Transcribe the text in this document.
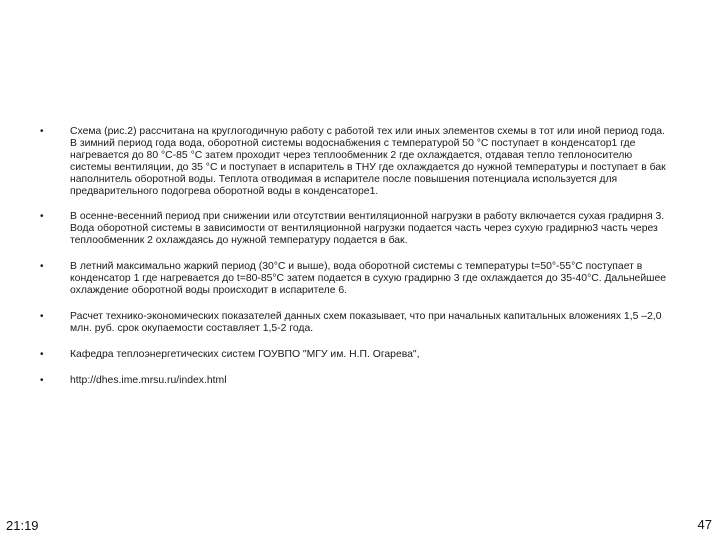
•	Схема (рис.2) рассчитана на круглогодичную работу с работой тех или иных элементов схемы в тот или иной период года. В зимний период года вода, оборотной системы водоснабжения с температурой 50 °С поступает в конденсатор1 где нагревается до 80 °С-85 °С затем проходит через теплообменник 2 где охлаждается, отдавая тепло теплоносителю системы вентиляции, до 35 °С и поступает в испаритель в ТНУ где охлаждается до нужной температуры и поступает в бак наполнитель оборотной воды. Теплота отводимая в испарителе после повышения потенциала используется для предварительного подогрева оборотной воды в конденсаторе1.
•	В осенне-весенний период при снижении или отсутствии вентиляционной нагрузки в работу включается сухая градирня 3. Вода оборотной системы в зависимости от вентиляционной нагрузки подается часть через сухую градирню3 часть через теплообменник 2 охлаждаясь до нужной температуру подается в бак.
•	В летний максимально жаркий период (30°С и выше), вода оборотной системы с температуры t=50°-55°С поступает в конденсатор 1 где нагревается до t=80-85°С затем подается в сухую градирню 3 где охлаждается до 35-40°С. Дальнейшее охлаждение оборотной воды происходит в испарителе 6.
•	Расчет технико-экономических показателей данных схем показывает, что при начальных капитальных вложениях 1,5 –2,0 млн. руб. срок окупаемости составляет 1,5-2 года.
•	Кафедра теплоэнергетических систем ГОУВПО "МГУ им. Н.П. Огарева",
•	http://dhes.ime.mrsu.ru/index.html
21:19	47
